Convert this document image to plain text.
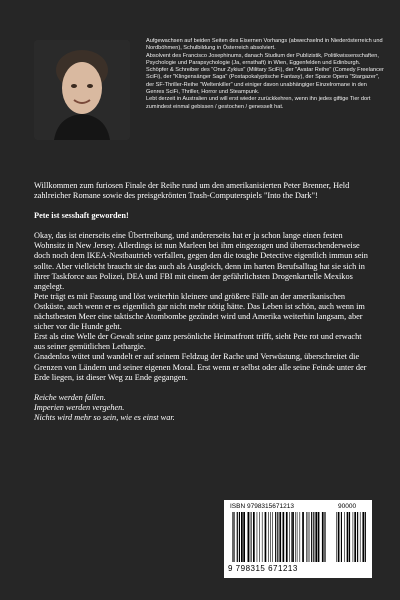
Aufgewachsen auf beiden Seiten des Eisernen Vorhangs (abwechselnd in Niederösterreich und Nordböhmen), Schulbildung in Österreich absolviert.

Absolvent des Francisco Josephinums, danach Studium der Publizistik, Politikwissenschaften, Psychologie und Parapsychologie (Ja, ernsthaft) in Wien, Eggenfelden und Edinburgh.

Schöpfer & Schreiber des "Onur Zykius" (Military SciFi), der "Avatar Reihe" (Comedy Freelancer SciFi), der "Klingensänger Saga" (Postapokalyptische Fantasy), der Space Opera "Stargazer", der SF-Thriller-Reihe "Weltenkiller" und einiger davon unabhängiger Einzelromane in den Genres SciFi, Thriller, Horror und Steampunk.

Lebt derzeit in Australien und will erst wieder zurückkehren, wenn ihn jedes giftige Tier dort zumindest einmal gebissen / gestochen / genesselt hat.

Willkommen zum furiosen Finale der Reihe rund um den amerikanisierten Peter Brenner, Held zahlreicher Romane sowie des preisgekrönten Trash-Computerspiels "Into the Dark"!

Pete ist sesshaft geworden!

Okay, das ist einerseits eine Übertreibung, und andererseits hat er ja schon lange einen festen Wohnsitz in New Jersey. Allerdings ist nun Marleen bei ihm eingezogen und überraschenderweise doch noch dem IKEA-Nestbautrieb verfallen, gegen den die toughe Detective eigentlich immun sein sollte. Aber vielleicht braucht sie das auch als Ausgleich, denn im harten Berufsalltag hat sie sich in ihrer Taskforce aus Polizei, DEA und FBI mit einem der gefährlichsten Drogenkartelle Mexikos angelegt.

Pete trägt es mit Fassung und löst weiterhin kleinere und größere Fälle an der amerikanischen Ostküste, auch wenn er es eigentlich gar nicht mehr nötig hätte. Das Leben ist schön, auch wenn im nächstbesten Meer eine taktische Atombombe gezündet wird und Amerika weiterhin langsam, aber sicher vor die Hunde geht.

Erst als eine Welle der Gewalt seine ganz persönliche Heimatfront trifft, sieht Pete rot und erwacht aus seiner gemütlichen Lethargie.

Gnadenlos wütet und wandelt er auf seinem Feldzug der Rache und Verwüstung, überschreitet die Grenzen von Ländern und seiner eigenen Moral. Erst wenn er selbst oder alle seine Feinde unter der Erde liegen, ist dieser Weg zu Ende gegangen.

Reiche werden fallen.

Imperien werden vergehen.

Nichts wird mehr so sein, wie es einst war.

ISBN 9798315671213	90000
9 798315 671213
